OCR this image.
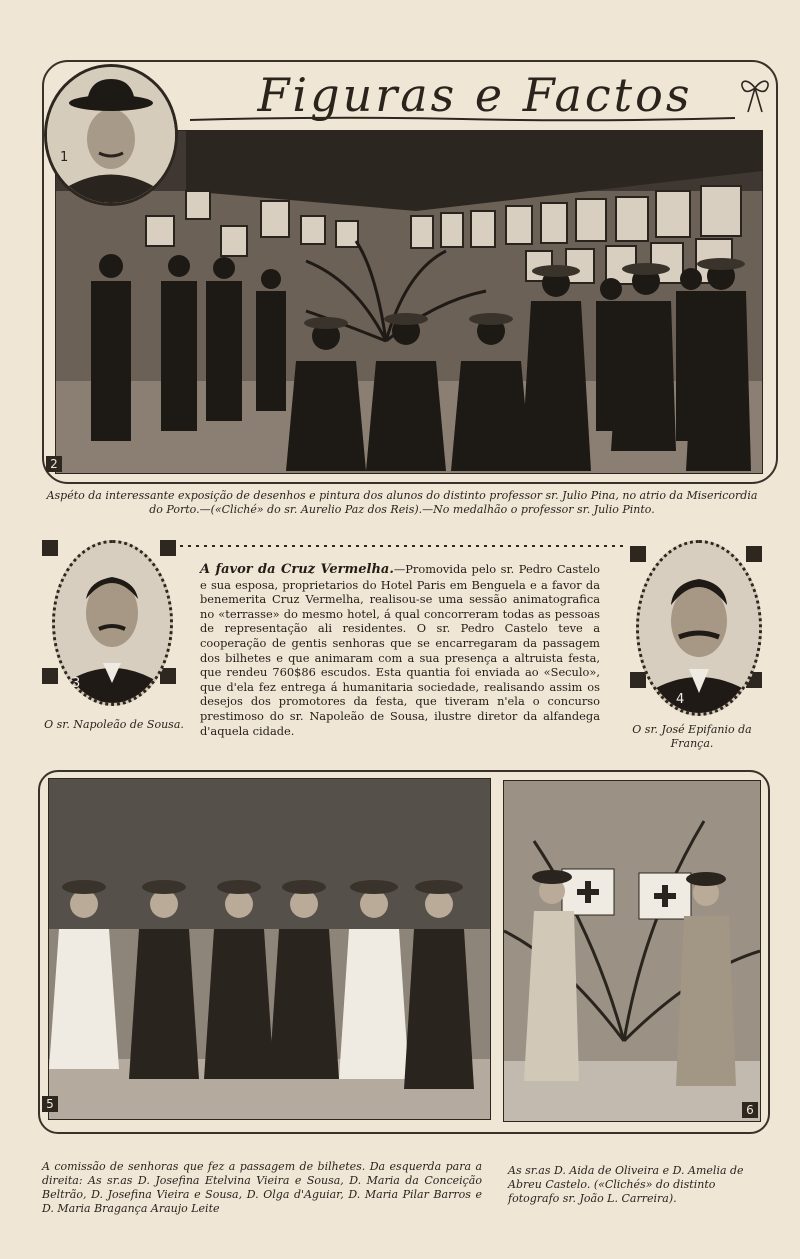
Figuras e Factos
2
1
Aspéto da interessante exposição de desenhos e pintura dos alunos do distinto professor sr. Julio Pina, no atrio da Misericordia do Porto.—(«Cliché» do sr. Aurelio Paz dos Reis).—No medalhão o professor sr. Julio Pinto.
3
O sr. Napoleão de Sousa.
A favor da Cruz Vermelha.—Promovida pelo sr. Pedro Castelo e sua esposa, proprietarios do Hotel Paris em Benguela e a favor da benemerita Cruz Vermelha, realisou-se uma sessão animatografica no «terrasse» do mesmo hotel, á qual concorreram todas as pessoas de representação ali residentes. O sr. Pedro Castelo teve a cooperação de gentis senhoras que se encarregaram da passagem dos bilhetes e que animaram com a sua presença a altruista festa, que rendeu 760$86 escudos. Esta quantia foi enviada ao «Seculo», que d'ela fez entrega á humanitaria sociedade, realisando assim os desejos dos promotores da festa, que tiveram n'ela o concurso prestimoso do sr. Napoleão de Sousa, ilustre diretor da alfandega d'aquela cidade.
4
O sr. José Epifanio da França.
5	6
A comissão de senhoras que fez a passagem de bilhetes. Da esquerda para a direita: As sr.as D. Josefina Etelvina Vieira e Sousa, D. Maria da Conceição Beltrão, D. Josefina Vieira e Sousa, D. Olga d'Aguiar, D. Maria Pilar Barros e D. Maria Bragança Araujo Leite
As sr.as D. Aida de Oliveira e D. Amelia de Abreu Castelo. («Clichés» do distinto fotografo sr. João L. Carreira).
